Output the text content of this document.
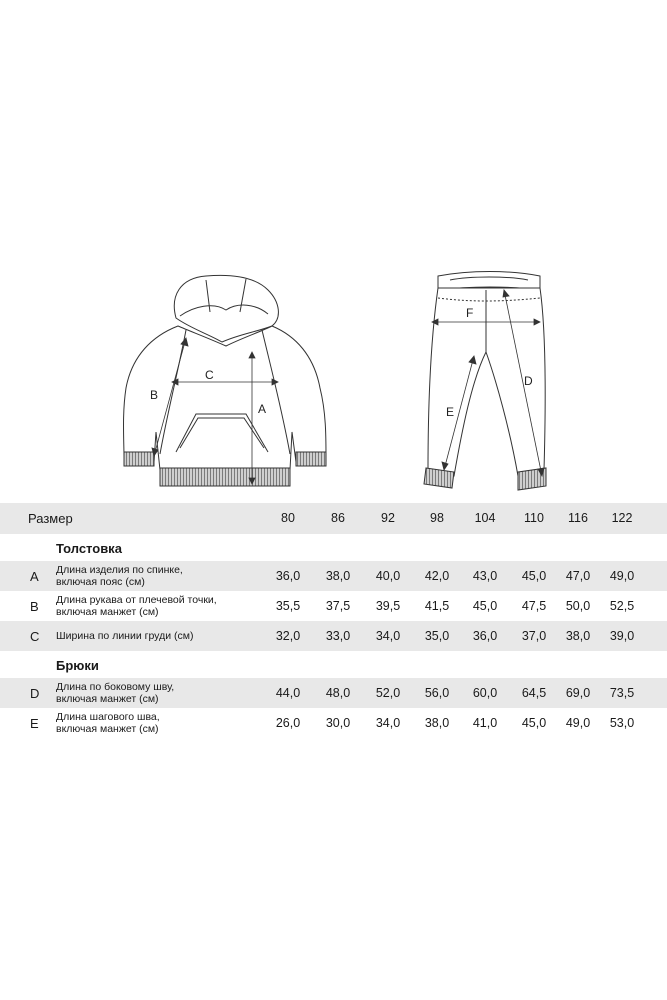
B
C
A
F
D
E
Размер	80	86	92	98	104	110	116	122
Толстовка
A Длина изделия по спинке,
включая пояс (см)	36,0	38,0	40,0	42,0	43,0	45,0	47,0	49,0
B Длина рукава от плечевой точки,
включая манжет (см)	35,5	37,5	39,5	41,5	45,0	47,5	50,0	52,5
C Ширина по линии груди (см)	32,0	33,0	34,0	35,0	36,0	37,0	38,0	39,0
Брюки
D Длина по боковому шву,
включая манжет (см)	44,0	48,0	52,0	56,0	60,0	64,5	69,0	73,5
E Длина шагового шва,
включая манжет (см)	26,0	30,0	34,0	38,0	41,0	45,0	49,0	53,0
